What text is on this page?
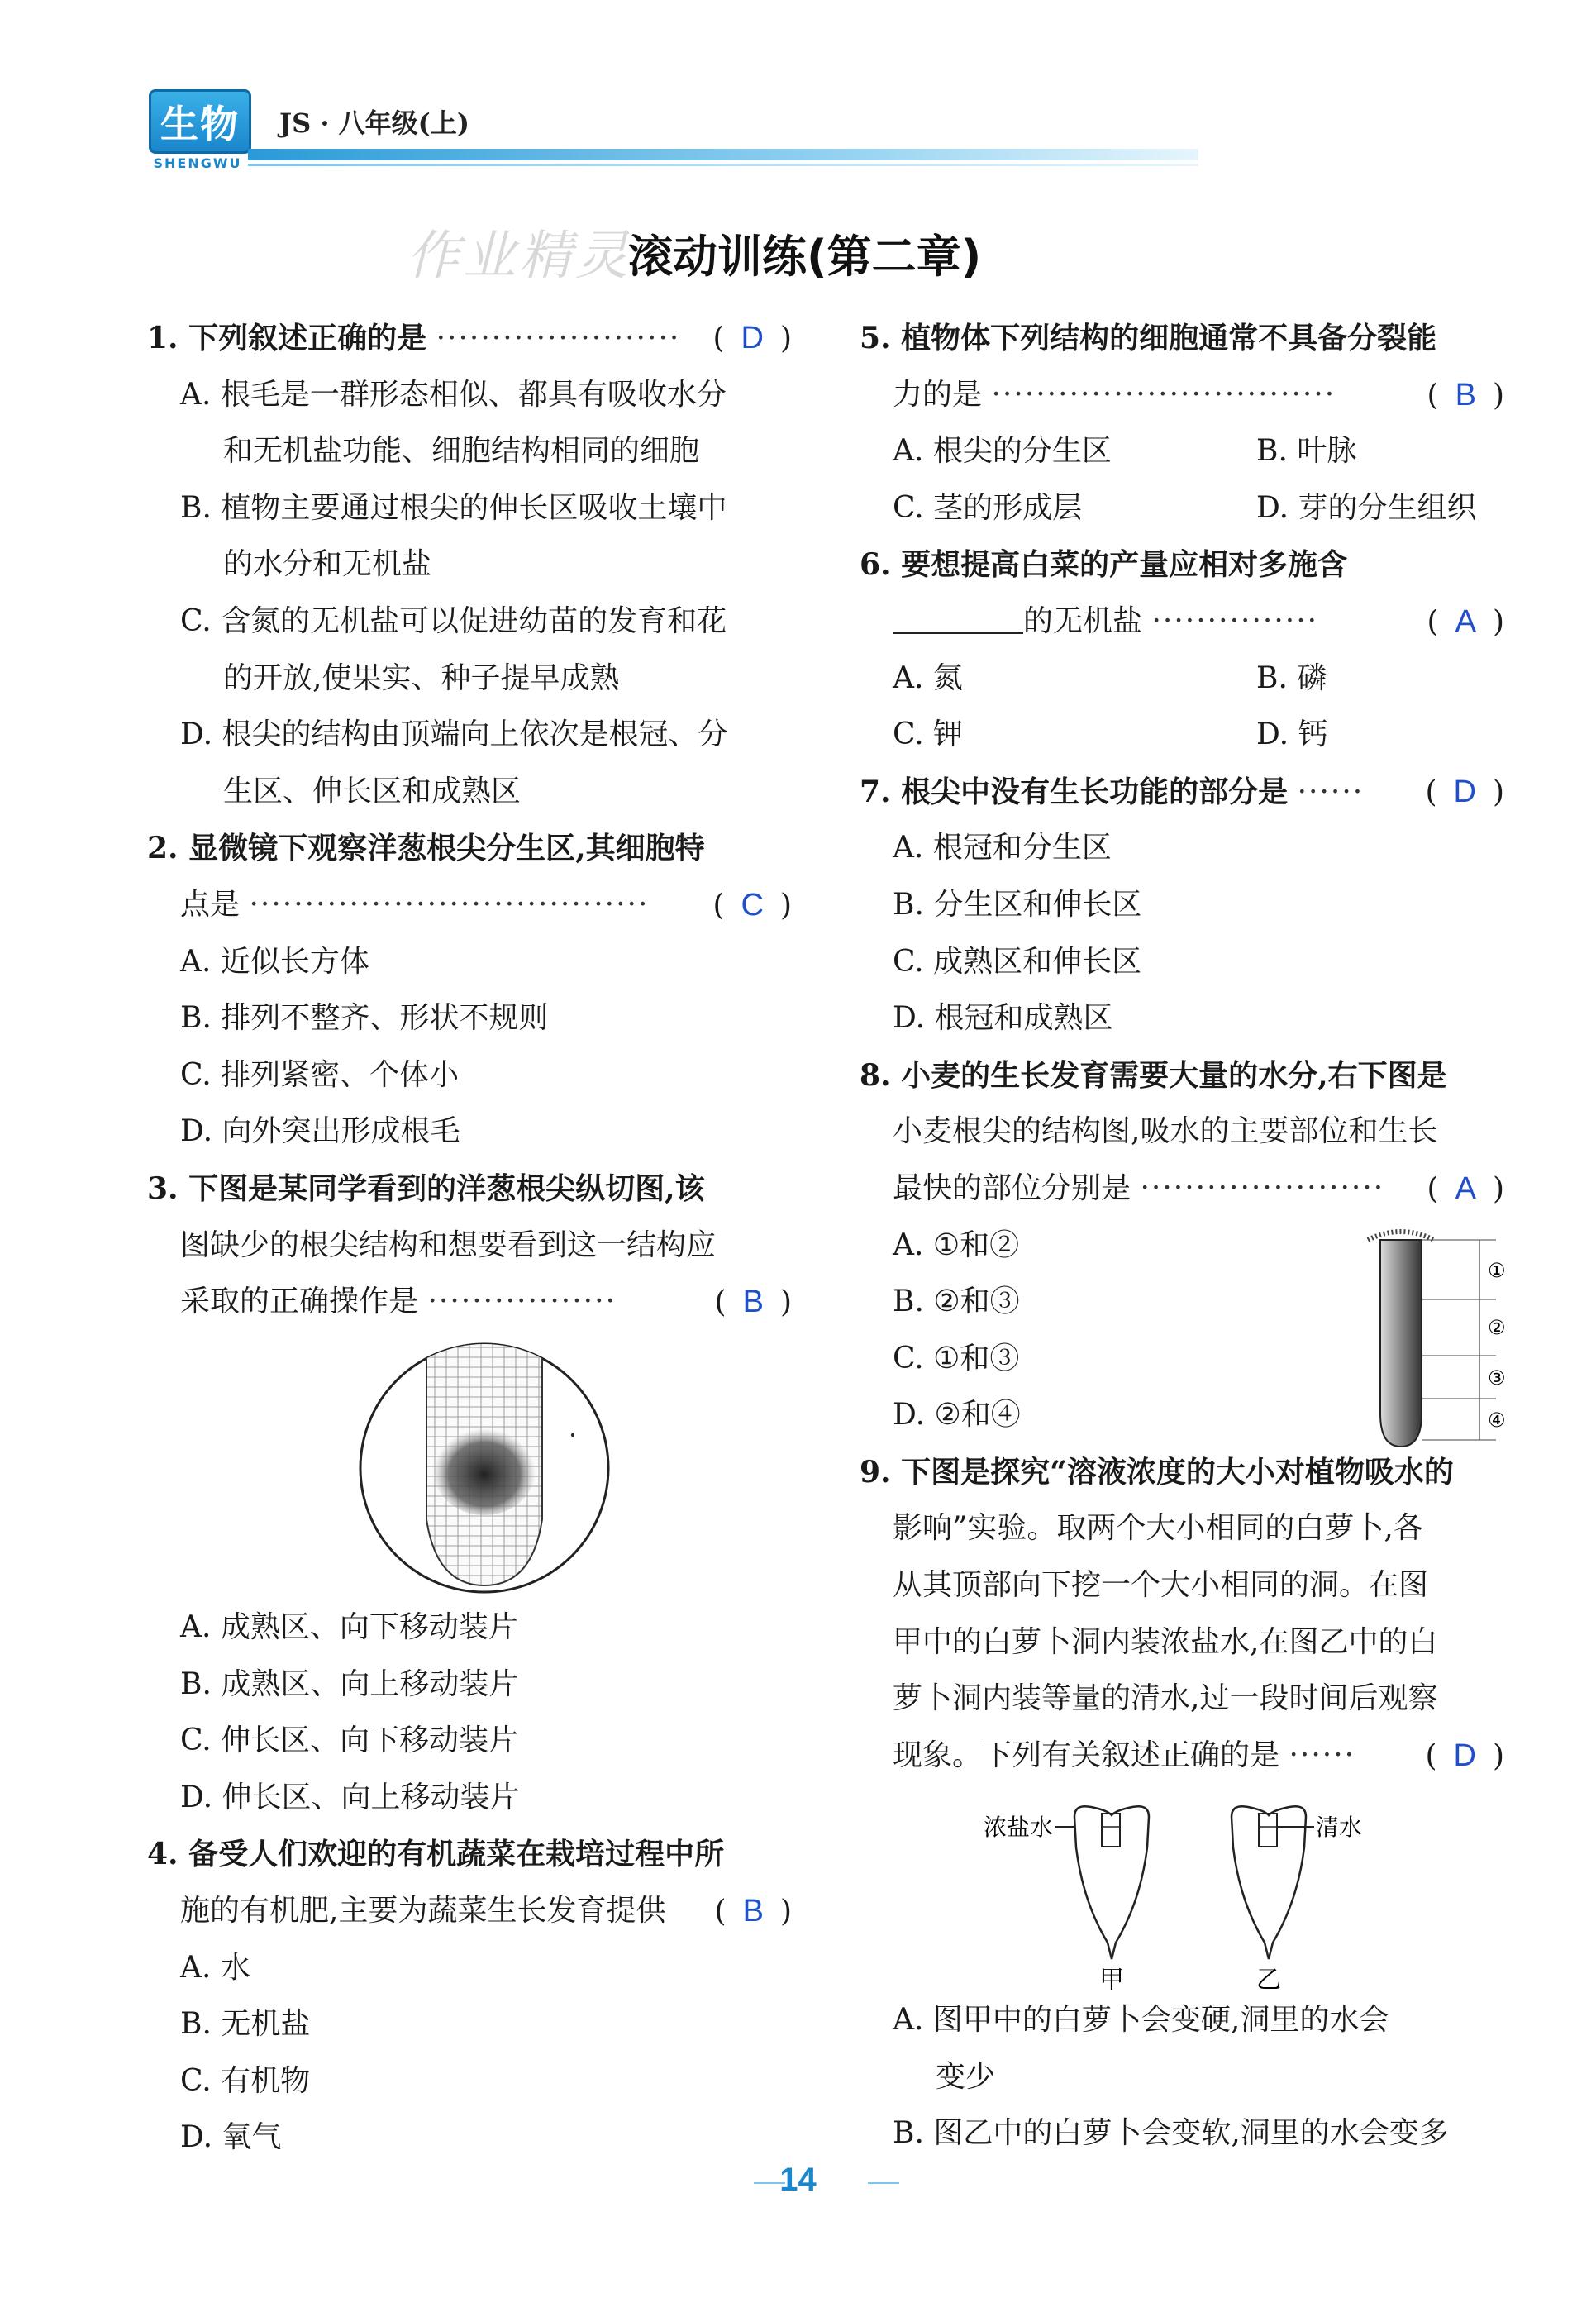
生物
SHENGWU
JS · 八年级(上)
作业精灵
滚动训练(第二章)
1. 下列叙述正确的是 ······················ ( D )
A. 根毛是一群形态相似、都具有吸收水分
和无机盐功能、细胞结构相同的细胞
B. 植物主要通过根尖的伸长区吸收土壤中
的水分和无机盐
C. 含氮的无机盐可以促进幼苗的发育和花
的开放,使果实、种子提早成熟
D. 根尖的结构由顶端向上依次是根冠、分
生区、伸长区和成熟区
2. 显微镜下观察洋葱根尖分生区,其细胞特
点是 ···································· ( C )
A. 近似长方体
B. 排列不整齐、形状不规则
C. 排列紧密、个体小
D. 向外突出形成根毛
3. 下图是某同学看到的洋葱根尖纵切图,该
图缺少的根尖结构和想要看到这一结构应
采取的正确操作是 ·················	( B )
A. 成熟区、向下移动装片
B. 成熟区、向上移动装片
C. 伸长区、向下移动装片
D. 伸长区、向上移动装片
4. 备受人们欢迎的有机蔬菜在栽培过程中所
施的有机肥,主要为蔬菜生长发育提供 ( B )
A. 水
B. 无机盐
C. 有机物
D. 氧气
5. 植物体下列结构的细胞通常不具备分裂能
力的是 ·······························	( B )
A. 根尖的分生区	B. 叶脉
C. 茎的形成层	D. 芽的分生组织
6. 要想提高白菜的产量应相对多施含
的无机盐 ···············	( A )
A. 氮	B. 磷
C. 钾	D. 钙
7. 根尖中没有生长功能的部分是 ······ ( D )
A. 根冠和分生区
B. 分生区和伸长区
C. 成熟区和伸长区
D. 根冠和成熟区
8. 小麦的生长发育需要大量的水分,右下图是
小麦根尖的结构图,吸水的主要部位和生长
最快的部位分别是 ······················ ( A )
A. ①和②
B. ②和③
C. ①和③
D. ②和④
9. 下图是探究“溶液浓度的大小对植物吸水的
影响”实验。取两个大小相同的白萝卜,各
从其顶部向下挖一个大小相同的洞。在图
甲中的白萝卜洞内装浓盐水,在图乙中的白
萝卜洞内装等量的清水,过一段时间后观察
现象。下列有关叙述正确的是 ······ ( D )
①
②
③
④
浓盐水
甲
清水
乙
A. 图甲中的白萝卜会变硬,洞里的水会
变少
B. 图乙中的白萝卜会变软,洞里的水会变多
14
